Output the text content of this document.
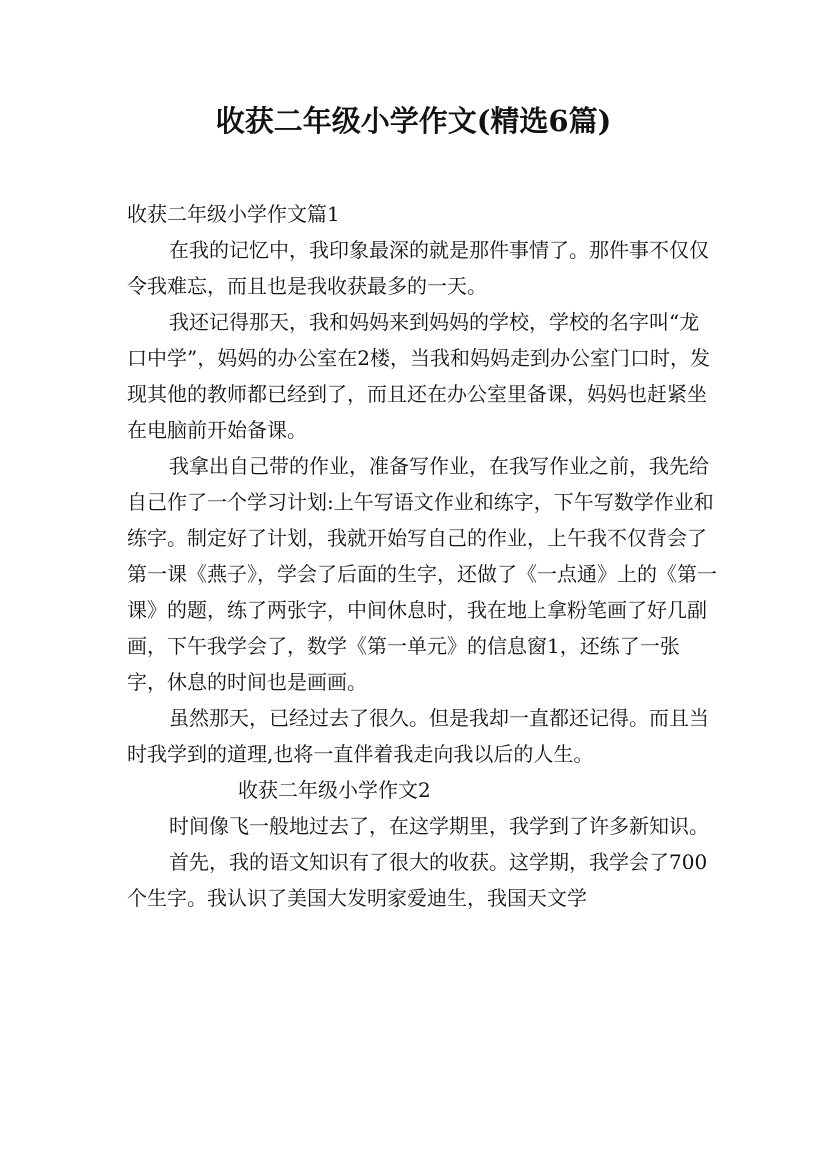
收获二年级小学作文(精选6篇)

收获二年级小学作文篇1

在我的记忆中，我印象最深的就是那件事情了。那件事不仅仅令我难忘，而且也是我收获最多的一天。

我还记得那天，我和妈妈来到妈妈的学校，学校的名字叫“龙口中学”，妈妈的办公室在2楼，当我和妈妈走到办公室门口时，发现其他的教师都已经到了，而且还在办公室里备课，妈妈也赶紧坐在电脑前开始备课。

我拿出自己带的作业，准备写作业，在我写作业之前，我先给自己作了一个学习计划:上午写语文作业和练字，下午写数学作业和练字。制定好了计划，我就开始写自己的作业，上午我不仅背会了第一课《燕子》，学会了后面的生字，还做了《一点通》上的《第一课》的题，练了两张字，中间休息时，我在地上拿粉笔画了好几副画，下午我学会了，数学《第一单元》的信息窗1，还练了一张字，休息的时间也是画画。

虽然那天，已经过去了很久。但是我却一直都还记得。而且当时我学到的道理,也将一直伴着我走向我以后的人生。

收获二年级小学作文2

时间像飞一般地过去了，在这学期里，我学到了许多新知识。

首先，我的语文知识有了很大的收获。这学期，我学会了700个生字。我认识了美国大发明家爱迪生，我国天文学
